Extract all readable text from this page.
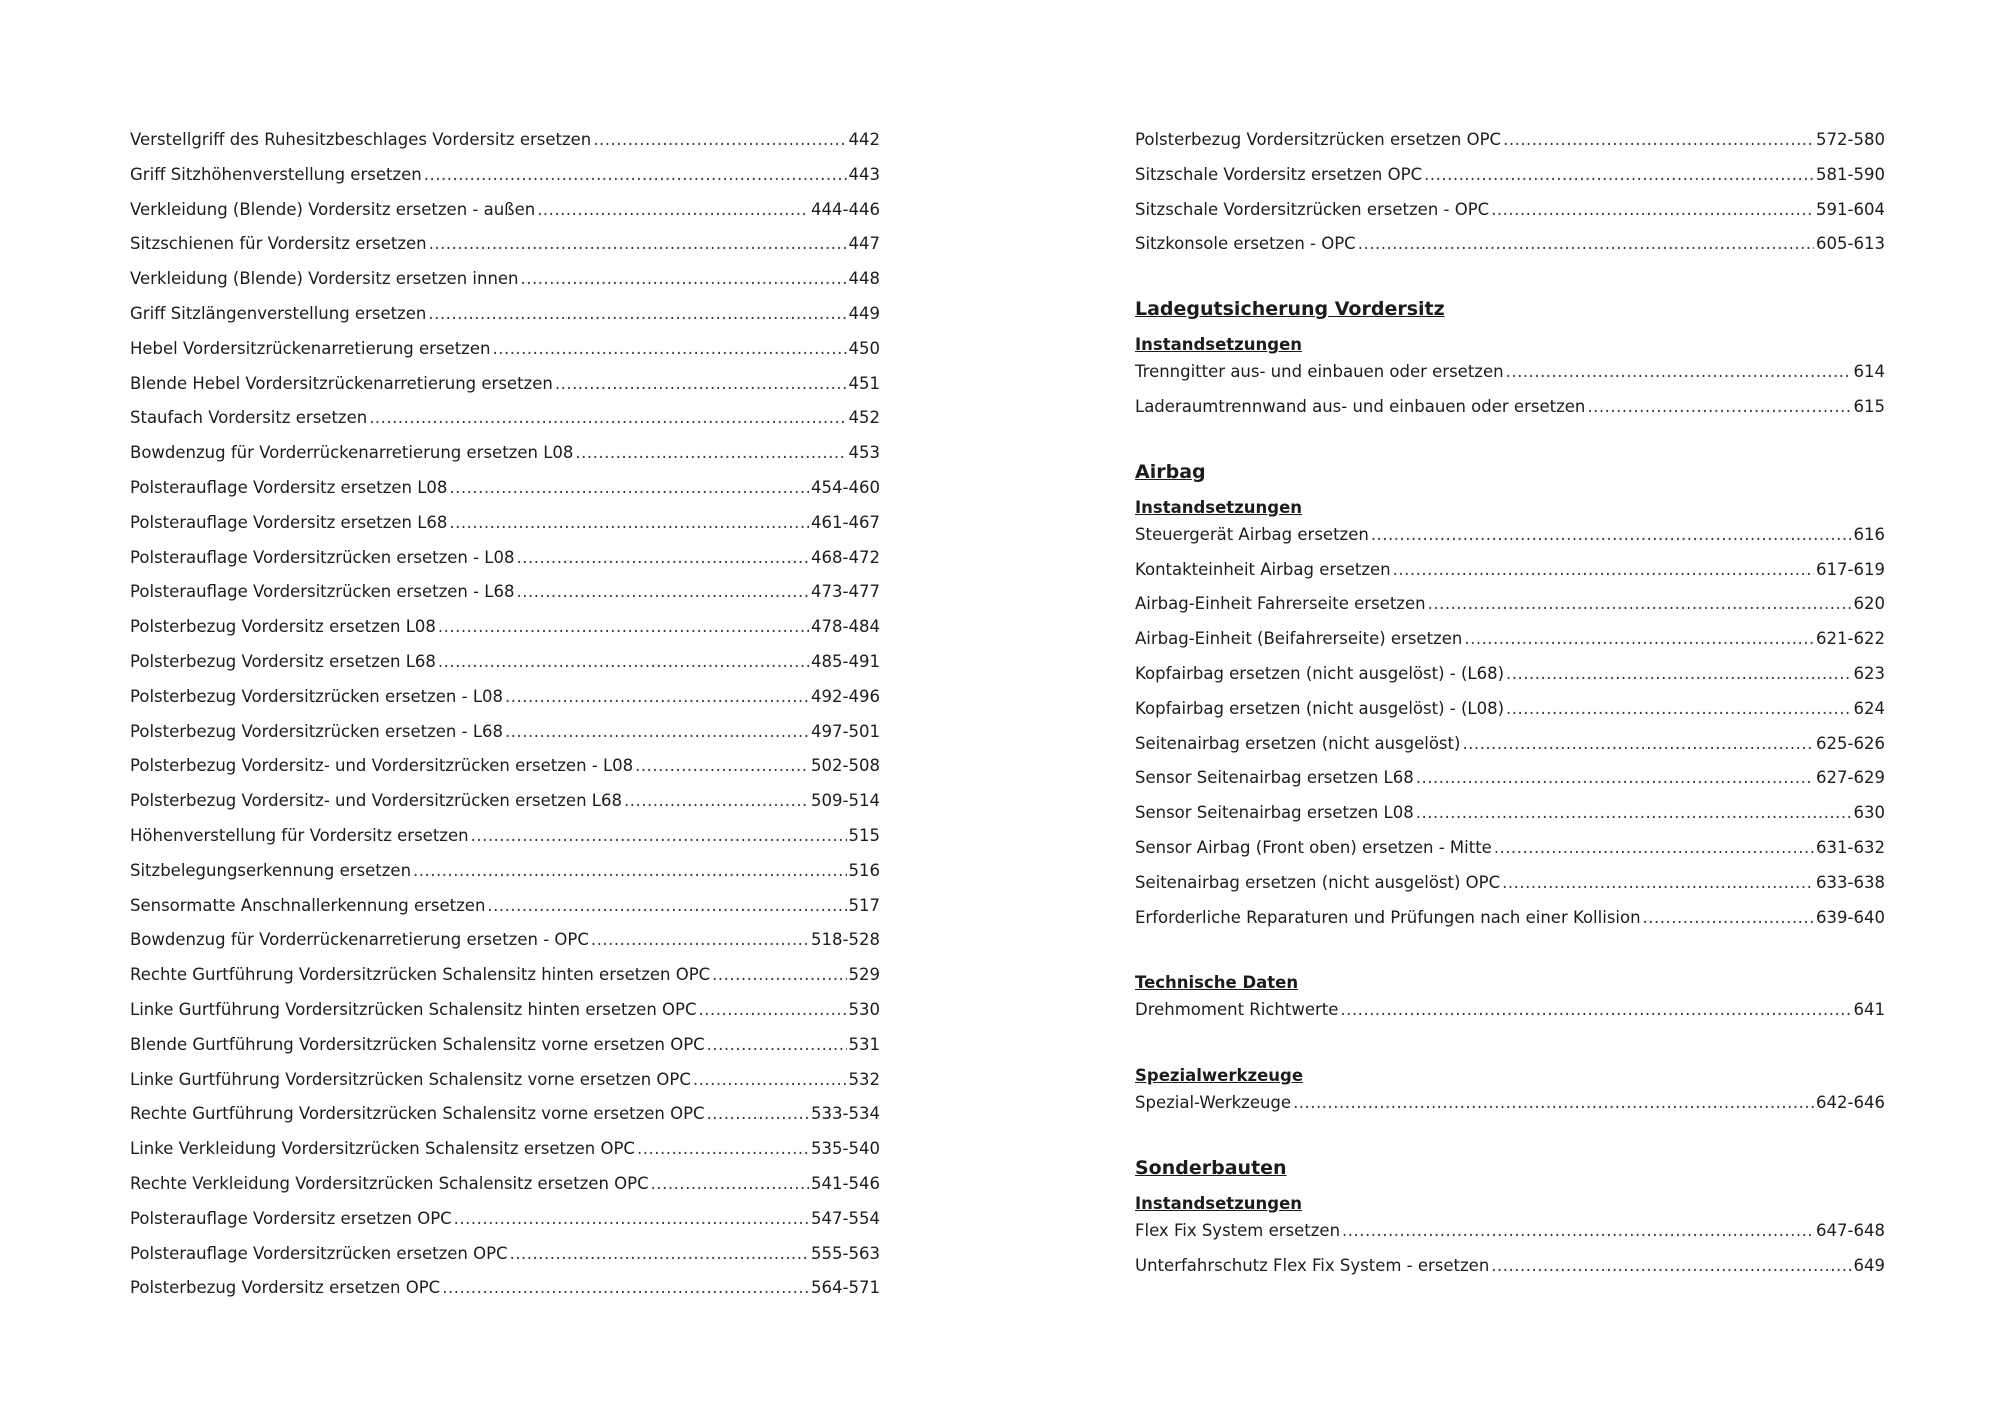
Verstellgriff des Ruhesitzbeschlages Vordersitz ersetzen .....	442
Griff Sitzhöhenverstellung ersetzen .....	443
Verkleidung (Blende) Vordersitz ersetzen - außen .....	444-446
Sitzschienen für Vordersitz ersetzen .....	447
Verkleidung (Blende) Vordersitz ersetzen innen .....	448
Griff Sitzlängenverstellung ersetzen .....	449
Hebel Vordersitzrückenarretierung ersetzen .....	450
Blende Hebel Vordersitzrückenarretierung ersetzen .....	451
Staufach Vordersitz ersetzen .....	452
Bowdenzug für Vorderrückenarretierung ersetzen L08 .....	453
Polsterauflage Vordersitz ersetzen L08 .....	454-460
Polsterauflage Vordersitz ersetzen L68 .....	461-467
Polsterauflage Vordersitzrücken ersetzen - L08 .....	468-472
Polsterauflage Vordersitzrücken ersetzen - L68 .....	473-477
Polsterbezug Vordersitz ersetzen L08 .....	478-484
Polsterbezug Vordersitz ersetzen L68 .....	485-491
Polsterbezug Vordersitzrücken ersetzen - L08 .....	492-496
Polsterbezug Vordersitzrücken ersetzen - L68 .....	497-501
Polsterbezug Vordersitz- und Vordersitzrücken ersetzen - L08 .....	502-508
Polsterbezug Vordersitz- und Vordersitzrücken ersetzen L68 .....	509-514
Höhenverstellung für Vordersitz ersetzen .....	515
Sitzbelegungserkennung ersetzen .....	516
Sensormatte Anschnallerkennung ersetzen .....	517
Bowdenzug für Vorderrückenarretierung ersetzen - OPC .....	518-528
Rechte Gurtführung Vordersitzrücken Schalensitz hinten ersetzen OPC .....	529
Linke Gurtführung Vordersitzrücken Schalensitz hinten ersetzen OPC .....	530
Blende Gurtführung Vordersitzrücken Schalensitz vorne ersetzen OPC .....	531
Linke Gurtführung Vordersitzrücken Schalensitz vorne ersetzen OPC .....	532
Rechte Gurtführung Vordersitzrücken Schalensitz vorne ersetzen OPC .....	533-534
Linke Verkleidung Vordersitzrücken Schalensitz ersetzen OPC .....	535-540
Rechte Verkleidung Vordersitzrücken Schalensitz ersetzen OPC .....	541-546
Polsterauflage Vordersitz ersetzen OPC .....	547-554
Polsterauflage Vordersitzrücken ersetzen OPC .....	555-563
Polsterbezug Vordersitz ersetzen OPC .....	564-571
Polsterbezug Vordersitzrücken ersetzen OPC .....	572-580
Sitzschale Vordersitz ersetzen OPC .....	581-590
Sitzschale Vordersitzrücken ersetzen - OPC .....	591-604
Sitzkonsole ersetzen - OPC .....	605-613
Ladegutsicherung Vordersitz
Instandsetzungen
Trenngitter aus- und einbauen oder ersetzen .....	614
Laderaumtrennwand aus- und einbauen oder ersetzen .....	615
Airbag
Instandsetzungen
Steuergerät Airbag ersetzen .....	616
Kontakteinheit Airbag ersetzen .....	617-619
Airbag-Einheit Fahrerseite ersetzen .....	620
Airbag-Einheit (Beifahrerseite) ersetzen .....	621-622
Kopfairbag ersetzen (nicht ausgelöst) - (L68) .....	623
Kopfairbag ersetzen (nicht ausgelöst) - (L08) .....	624
Seitenairbag ersetzen (nicht ausgelöst) .....	625-626
Sensor Seitenairbag ersetzen L68 .....	627-629
Sensor Seitenairbag ersetzen L08 .....	630
Sensor Airbag (Front oben) ersetzen - Mitte .....	631-632
Seitenairbag ersetzen (nicht ausgelöst) OPC .....	633-638
Erforderliche Reparaturen und Prüfungen nach einer Kollision .....	639-640
Technische Daten
Drehmoment Richtwerte .....	641
Spezialwerkzeuge
Spezial-Werkzeuge .....	642-646
Sonderbauten
Instandsetzungen
Flex Fix System ersetzen .....	647-648
Unterfahrschutz Flex Fix System - ersetzen .....	649
